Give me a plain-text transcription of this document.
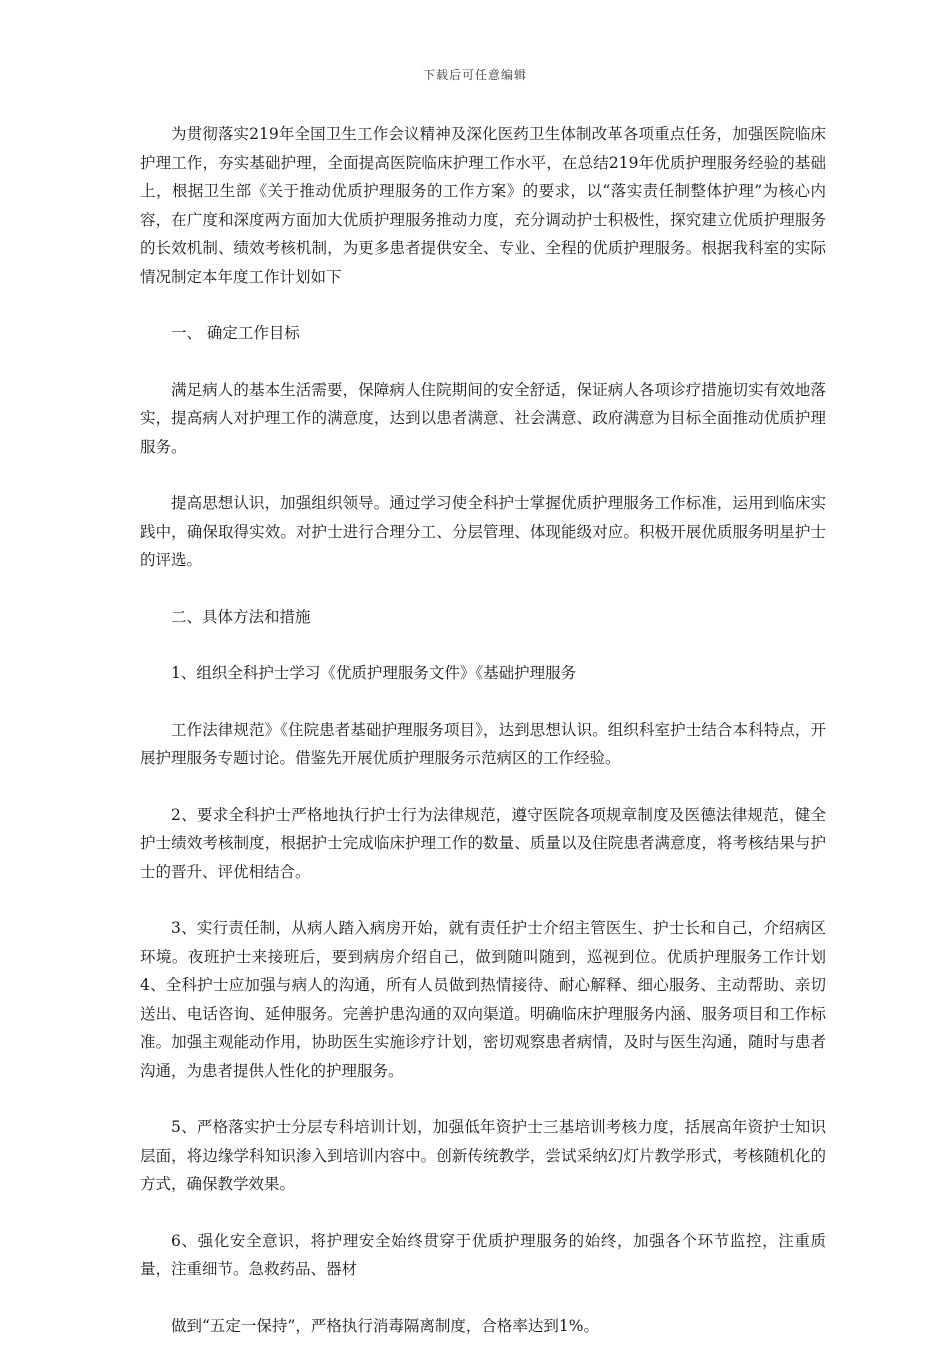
下载后可任意编辑

为贯彻落实219年全国卫生工作会议精神及深化医药卫生体制改革各项重点任务，加强医院临床护理工作，夯实基础护理，全面提高医院临床护理工作水平，在总结219年优质护理服务经验的基础上，根据卫生部《关于推动优质护理服务的工作方案》的要求，以“落实责任制整体护理”为核心内容，在广度和深度两方面加大优质护理服务推动力度，充分调动护士积极性，探究建立优质护理服务的长效机制、绩效考核机制，为更多患者提供安全、专业、全程的优质护理服务。根据我科室的实际情况制定本年度工作计划如下

一、 确定工作目标

满足病人的基本生活需要，保障病人住院期间的安全舒适，保证病人各项诊疗措施切实有效地落实，提高病人对护理工作的满意度，达到以患者满意、社会满意、政府满意为目标全面推动优质护理服务。

提高思想认识，加强组织领导。通过学习使全科护士掌握优质护理服务工作标准，运用到临床实践中，确保取得实效。对护士进行合理分工、分层管理、体现能级对应。积极开展优质服务明星护士的评选。

二、具体方法和措施

1、组织全科护士学习《优质护理服务文件》《基础护理服务

工作法律规范》《住院患者基础护理服务项目》，达到思想认识。组织科室护士结合本科特点，开展护理服务专题讨论。借鉴先开展优质护理服务示范病区的工作经验。

2、要求全科护士严格地执行护士行为法律规范，遵守医院各项规章制度及医德法律规范，健全护士绩效考核制度，根据护士完成临床护理工作的数量、质量以及住院患者满意度，将考核结果与护士的晋升、评优相结合。

3、实行责任制，从病人踏入病房开始，就有责任护士介绍主管医生、护士长和自己，介绍病区环境。夜班护士来接班后，要到病房介绍自己，做到随叫随到，巡视到位。优质护理服务工作计划4、全科护士应加强与病人的沟通，所有人员做到热情接待、耐心解释、细心服务、主动帮助、亲切送出、电话咨询、延伸服务。完善护患沟通的双向渠道。明确临床护理服务内涵、服务项目和工作标准。加强主观能动作用，协助医生实施诊疗计划，密切观察患者病情，及时与医生沟通，随时与患者沟通，为患者提供人性化的护理服务。

5、严格落实护士分层专科培训计划，加强低年资护士三基培训考核力度，括展高年资护士知识层面，将边缘学科知识渗入到培训内容中。创新传统教学，尝试采纳幻灯片教学形式，考核随机化的方式，确保教学效果。

6、强化安全意识，将护理安全始终贯穿于优质护理服务的始终，加强各个环节监控，注重质量，注重细节。急救药品、器材

做到“五定一保持”，严格执行消毒隔离制度，合格率达到1%。
